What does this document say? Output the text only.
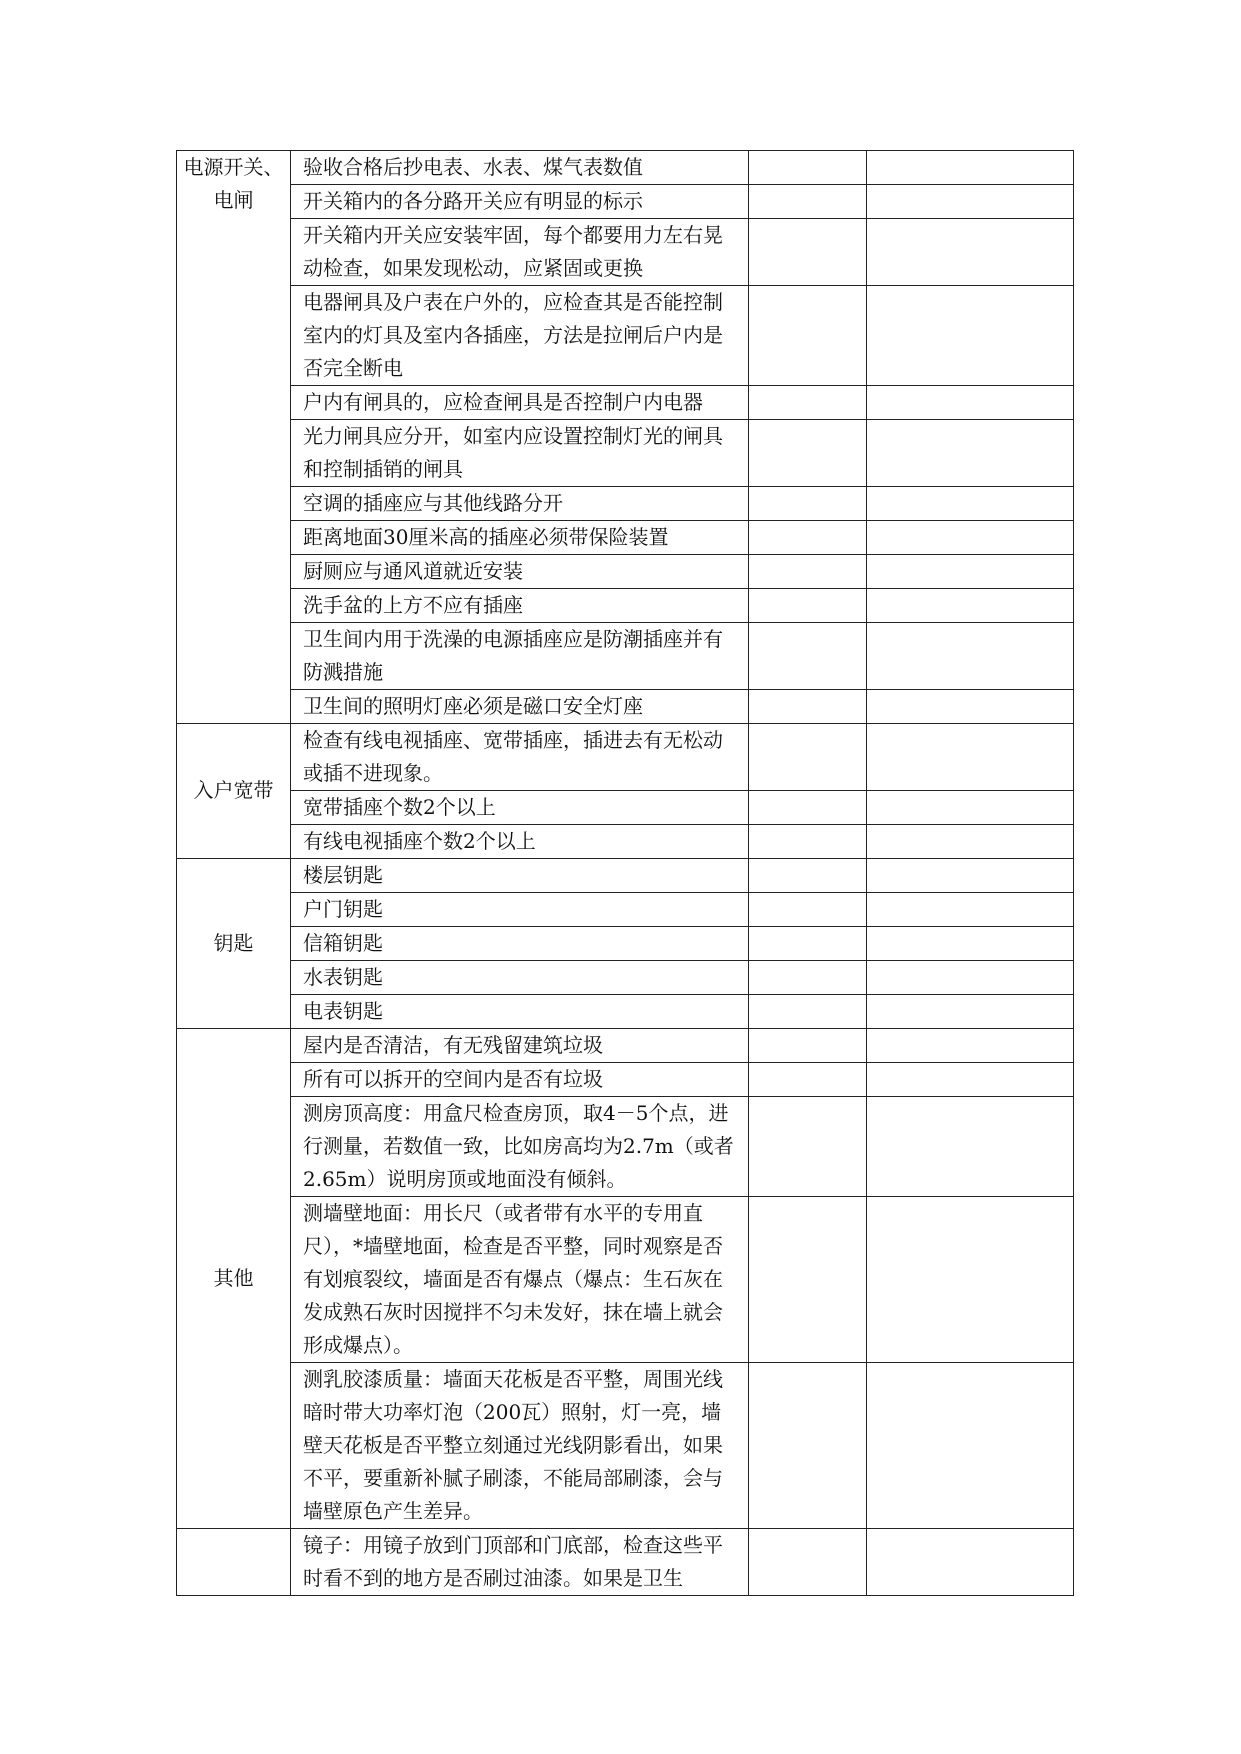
电源开关、电闸	验收合格后抄电表、水表、煤气表数值		

	开关箱内的各分路开关应有明显的标示		

	开关箱内开关应安装牢固，每个都要用力左右晃动检查，如果发现松动，应紧固或更换		

	电器闸具及户表在户外的，应检查其是否能控制室内的灯具及室内各插座，方法是拉闸后户内是否完全断电		

	户内有闸具的，应检查闸具是否控制户内电器		

	光力闸具应分开，如室内应设置控制灯光的闸具和控制插销的闸具		

	空调的插座应与其他线路分开		

	距离地面30厘米高的插座必须带保险装置		

	厨厕应与通风道就近安装		

	洗手盆的上方不应有插座		

	卫生间内用于洗澡的电源插座应是防潮插座并有防溅措施		

	卫生间的照明灯座必须是磁口安全灯座		

入户宽带	检查有线电视插座、宽带插座，插进去有无松动或插不进现象。		

	宽带插座个数2个以上		

	有线电视插座个数2个以上		

钥匙	楼层钥匙		

	户门钥匙		

	信箱钥匙		

	水表钥匙		

	电表钥匙		

其他	屋内是否清洁，有无残留建筑垃圾		

	所有可以拆开的空间内是否有垃圾		

	测房顶高度：用盒尺检查房顶，取4－5个点，进行测量，若数值一致，比如房高均为2.7m（或者2.65m）说明房顶或地面没有倾斜。		

	测墙壁地面：用长尺（或者带有水平的专用直尺），*墙壁地面，检查是否平整，同时观察是否有划痕裂纹，墙面是否有爆点（爆点：生石灰在发成熟石灰时因搅拌不匀未发好，抹在墙上就会形成爆点）。		

	测乳胶漆质量：墙面天花板是否平整，周围光线暗时带大功率灯泡（200瓦）照射，灯一亮，墙壁天花板是否平整立刻通过光线阴影看出，如果不平，要重新补腻子刷漆，不能局部刷漆，会与墙壁原色产生差异。		

	镜子：用镜子放到门顶部和门底部，检查这些平时看不到的地方是否刷过油漆。如果是卫生		
